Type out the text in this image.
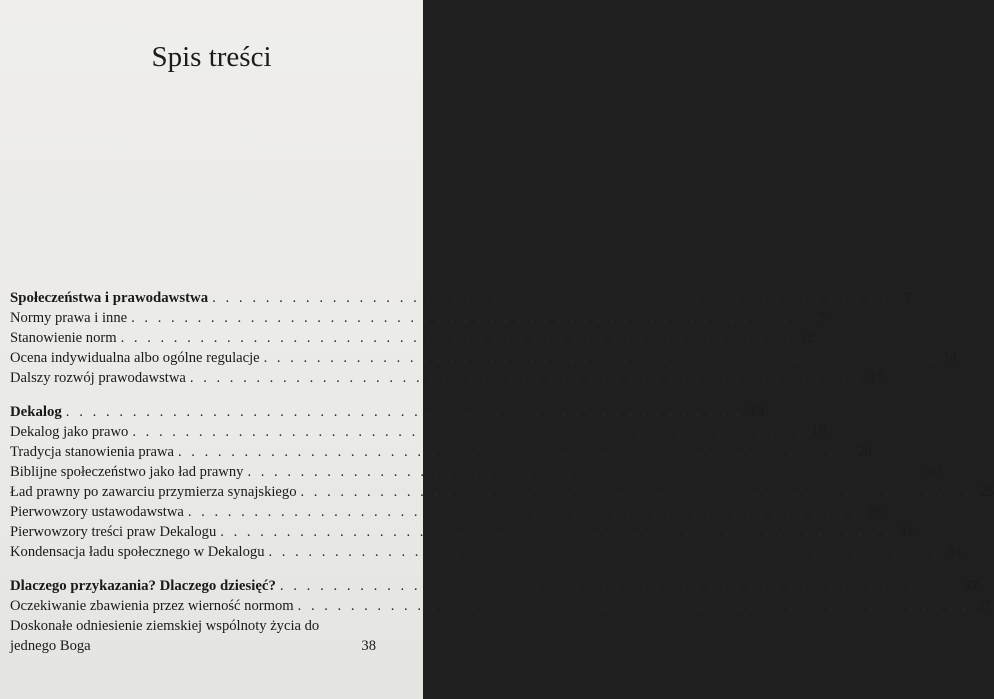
Spis treści
Społeczeństwa i prawodawstwa . . . . . . . . . . . . . . . . . . . . . . . . . . . . . . . . . . . . . . . . . . . . . . . . . . . 7
Normy prawa i inne . . . . . . . . . . . . . . . . . . . . . . . . . . . . . . . . . . . . . . . . . . . . . . . . . . .	7
Stanowienie norm . . . . . . . . . . . . . . . . . . . . . . . . . . . . . . . . . . . . . . . . . . . . . . . . . . . 12
Ocena indywidualna albo ogólne regulacje . . . . . . . . . . . . . . . . . . . . . . . . . . . . . . . . . . . . . . . . . . . . . . . . . . . 14
Dalszy rozwój prawodawstwa . . . . . . . . . . . . . . . . . . . . . . . . . . . . . . . . . . . . . . . . . . . . . . . . . . . 17
Dekalog . . . . . . . . . . . . . . . . . . . . . . . . . . . . . . . . . . . . . . . . . . . . . . . . . . . 19
Dekalog jako prawo . . . . . . . . . . . . . . . . . . . . . . . . . . . . . . . . . . . . . . . . . . . . . . . . . . . 19
Tradycja stanowienia prawa . . . . . . . . . . . . . . . . . . . . . . . . . . . . . . . . . . . . . . . . . . . . . . . . . . . 20
Biblijne społeczeństwo jako ład prawny . . . . . . . . . . . . . . . . . . . . . . . . . . . . . . . . . . . . . . . . . . . . . . . . . . . 20
Ład prawny po zawarciu przymierza synajskiego . . . . . . . . . . . . . . . . . . . . . . . . . . . . . . . . . . . . . . . . . . . . . . . . . . . 25
Pierwowzory ustawodawstwa . . . . . . . . . . . . . . . . . . . . . . . . . . . . . . . . . . . . . . . . . . . . . . . . . . . 29
Pierwowzory treści praw Dekalogu . . . . . . . . . . . . . . . . . . . . . . . . . . . . . . . . . . . . . . . . . . . . . . . . . . . 31
Kondensacja ładu społecznego w Dekalogu . . . . . . . . . . . . . . . . . . . . . . . . . . . . . . . . . . . . . . . . . . . . . . . . . . . 31
Dlaczego przykazania? Dlaczego dziesięć? . . . . . . . . . . . . . . . . . . . . . . . . . . . . . . . . . . . . . . . . . . . . . . . . . . . 37
Oczekiwanie zbawienia przez wierność normom . . . . . . . . . . . . . . . . . . . . . . . . . . . . . . . . . . . . . . . . . . . . . . . . . . . 37
Doskonałe odniesienie ziemskiej wspólnoty życia do jednego Boga	38
